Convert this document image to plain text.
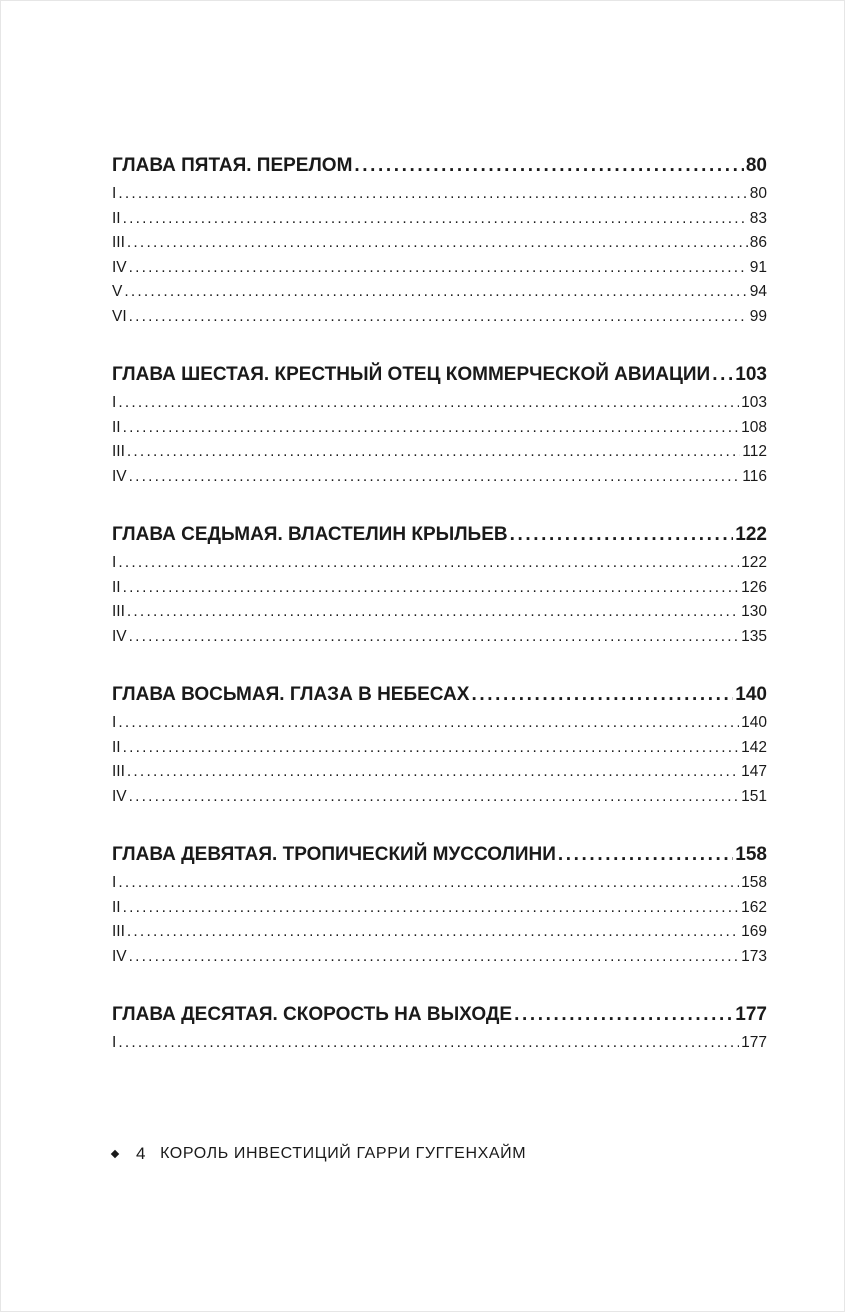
ГЛАВА ПЯТАЯ. ПЕРЕЛОМ .....	80
I .....	80
II .....	83
III .....	86
IV .....	91
V .....	94
VI .....	99
ГЛАВА ШЕСТАЯ. КРЕСТНЫЙ ОТЕЦ КОММЕРЧЕСКОЙ АВИАЦИИ ..... 103
I .....	103
II .....	108
III .....	112
IV .....	116
ГЛАВА СЕДЬМАЯ. ВЛАСТЕЛИН КРЫЛЬЕВ .....	122
I .....	122
II .....	126
III .....	130
IV .....	135
ГЛАВА ВОСЬМАЯ. ГЛАЗА В НЕБЕСАХ .....	140
I .....	140
II .....	142
III .....	147
IV .....	151
ГЛАВА ДЕВЯТАЯ. ТРОПИЧЕСКИЙ МУССОЛИНИ .....	158
I .....	158
II .....	162
III .....	169
IV .....	173
ГЛАВА ДЕСЯТАЯ. СКОРОСТЬ НА ВЫХОДЕ .....	177
I .....	177
4 КОРОЛЬ ИНВЕСТИЦИЙ ГАРРИ ГУГГЕНХАЙМ
